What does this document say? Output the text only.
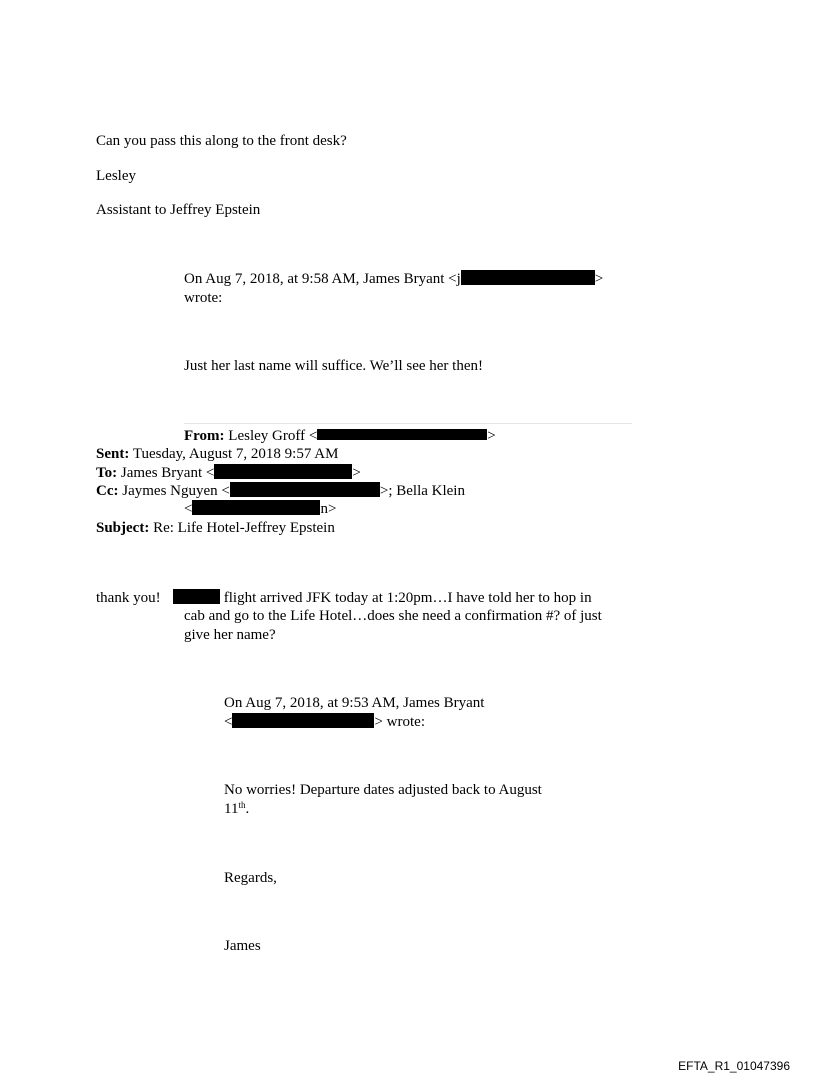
Can you pass this along to the front desk?
Lesley
Assistant to Jeffrey Epstein
On Aug 7, 2018, at 9:58 AM, James Bryant <j	>
wrote:
Just her last name will suffice. We’ll see her then!
From: Lesley Groff <	>
Sent: Tuesday, August 7, 2018 9:57 AM
To: James Bryant <	>
Cc: Jaymes Nguyen <	>; Bella Klein
<	n>
Subject: Re: Life Hotel-Jeffrey Epstein
thank you!	flight arrived JFK today at 1:20pm…I have told her to hop in
cab and go to the Life Hotel…does she need a confirmation #? of just
give her name?
On Aug 7, 2018, at 9:53 AM, James Bryant
<	> wrote:
No worries! Departure dates adjusted back to August
11th.
Regards,
James
EFTA_R1_01047396
